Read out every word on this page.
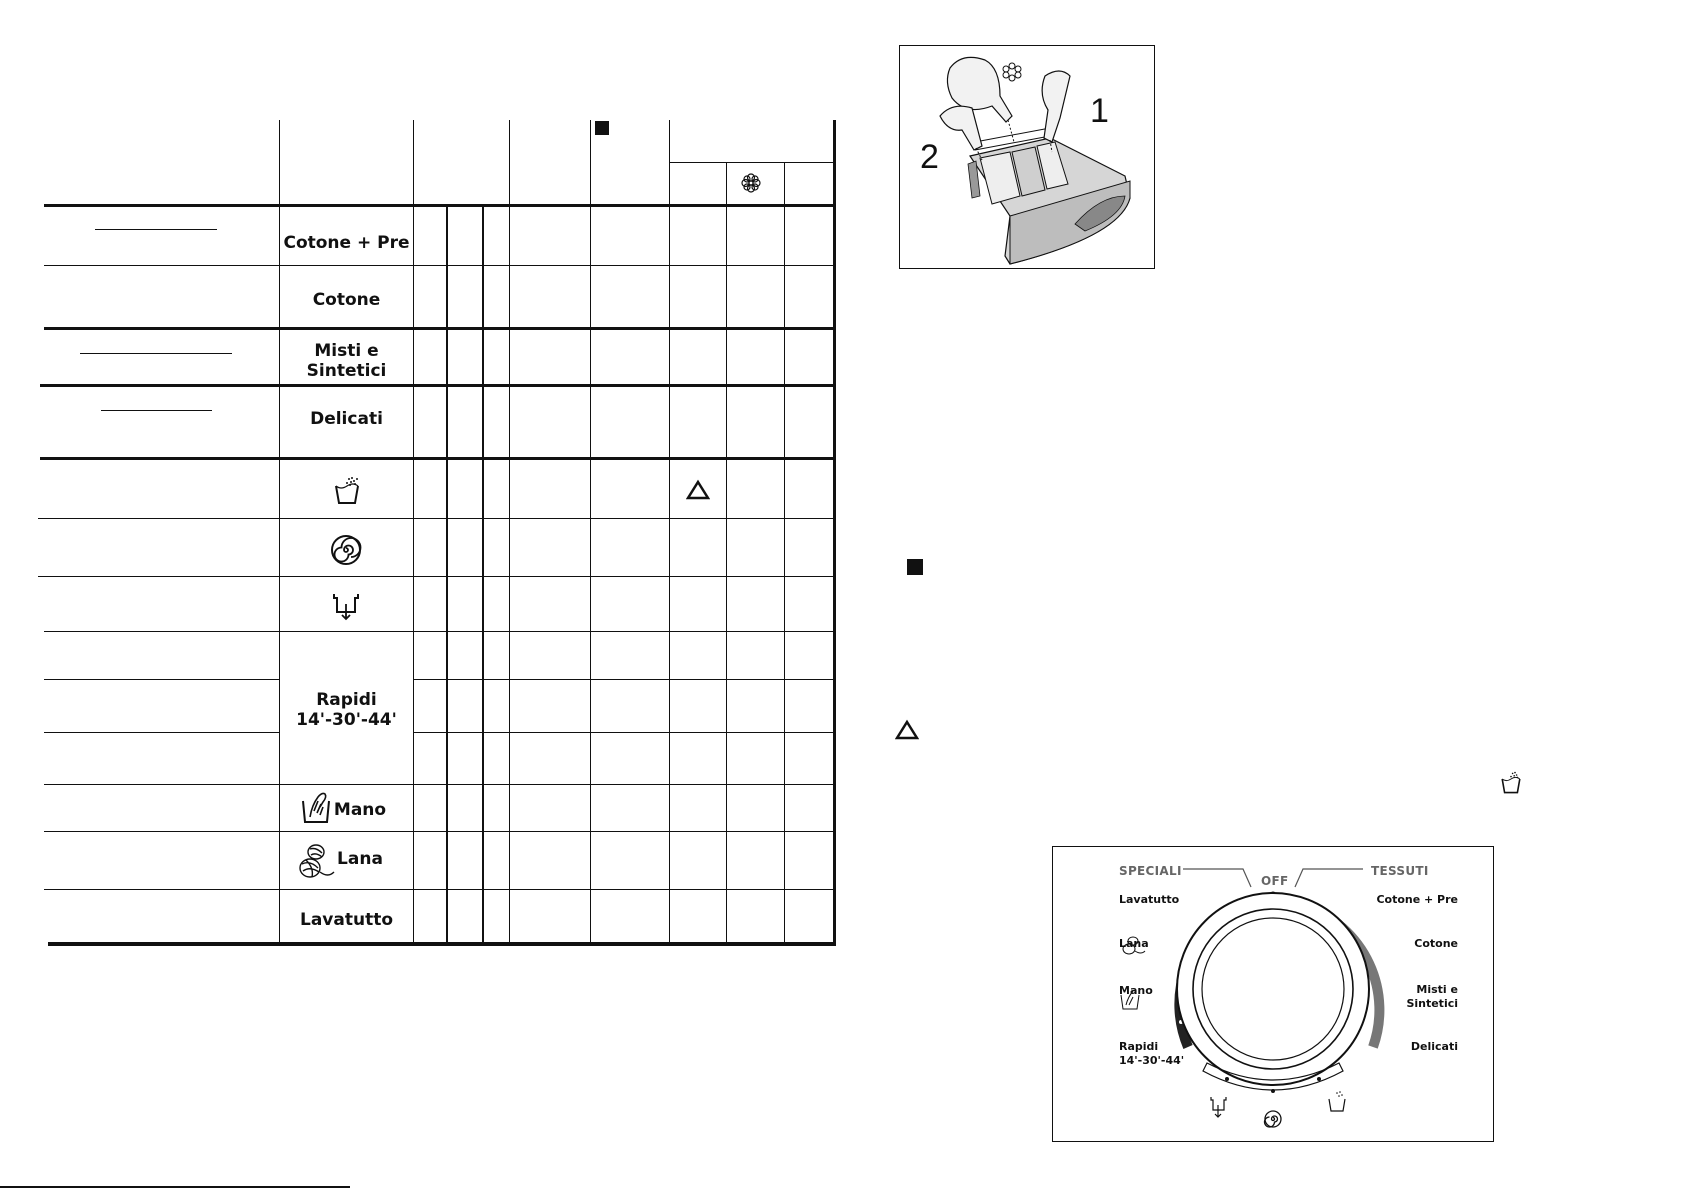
Cotone + Pre
Cotone
Misti e
Sintetici
Delicati
Rapidi
14'-30'-44'
Mano
Lana
Lavatutto
1
2
SPECIALI	TESSUTI
OFF
Lavatutto
Lana
Mano
Rapidi
14'-30'-44'
Cotone + Pre
Cotone
Misti e
Sintetici
Delicati
